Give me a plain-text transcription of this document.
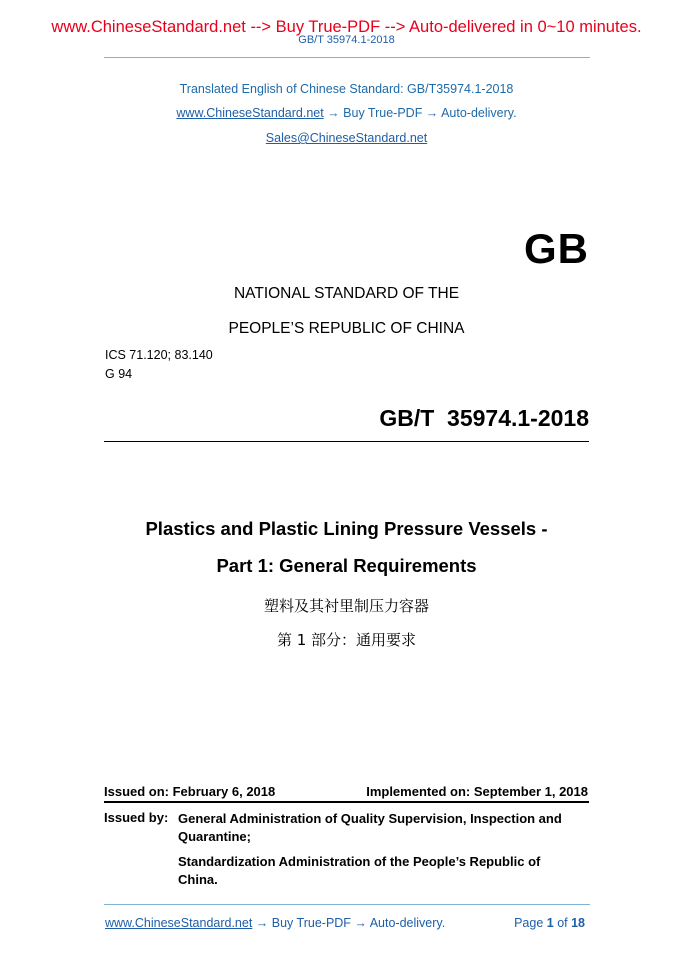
www.ChineseStandard.net --> Buy True-PDF --> Auto-delivered in 0~10 minutes.
GB/T 35974.1-2018
Translated English of Chinese Standard: GB/T35974.1-2018
www.ChineseStandard.net → Buy True-PDF → Auto-delivery.
Sales@ChineseStandard.net
GB
NATIONAL STANDARD OF THE
PEOPLE’S REPUBLIC OF CHINA
ICS 71.120; 83.140
G 94
GB/T  35974.1-2018
Plastics and Plastic Lining Pressure Vessels -
Part 1: General Requirements
塑料及其衬里制压力容器
第 1 部分：通用要求
Issued on: February 6, 2018	Implemented on: September 1, 2018
Issued by: General Administration of Quality Supervision, Inspection and
Quarantine;
Standardization Administration of the People’s Republic of
China.
www.ChineseStandard.net → Buy True-PDF → Auto-delivery.	Page 1 of 18
